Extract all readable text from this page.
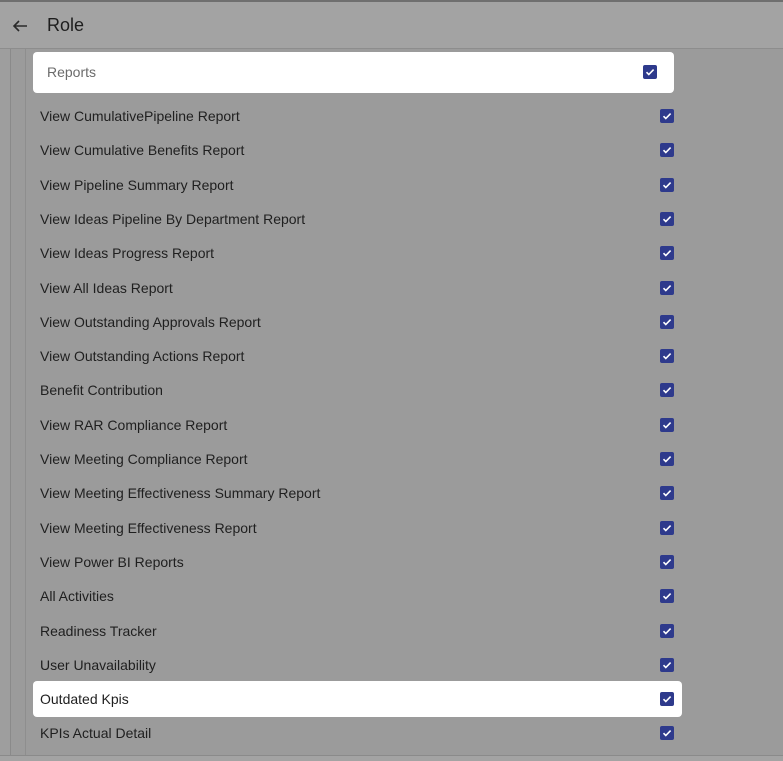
Role
Reports
View CumulativePipeline Report
View Cumulative Benefits Report
View Pipeline Summary Report
View Ideas Pipeline By Department Report
View Ideas Progress Report
View All Ideas Report
View Outstanding Approvals Report
View Outstanding Actions Report
Benefit Contribution
View RAR Compliance Report
View Meeting Compliance Report
View Meeting Effectiveness Summary Report
View Meeting Effectiveness Report
View Power BI Reports
All Activities
Readiness Tracker
User Unavailability
Outdated Kpis
KPIs Actual Detail
